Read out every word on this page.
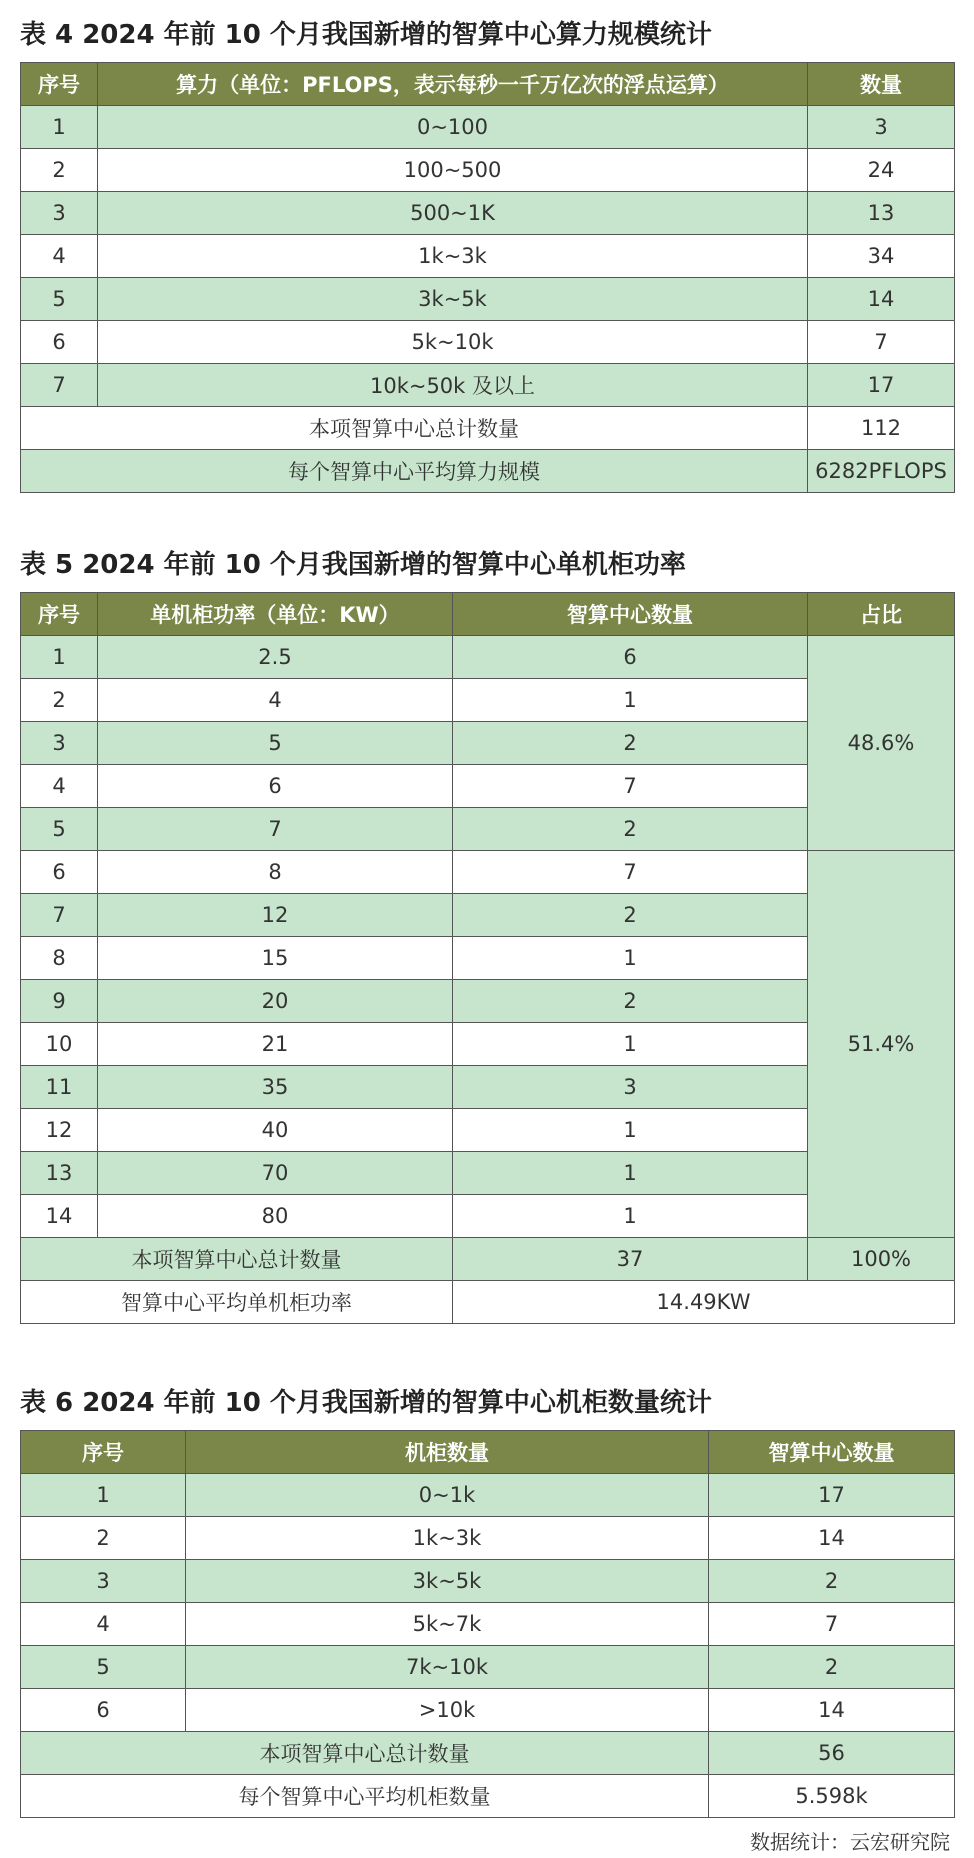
表 4 2024 年前 10 个月我国新增的智算中心算力规模统计
序号	算力（单位：PFLOPS，表示每秒一千万亿次的浮点运算）	数量
1	0~100	3
2	100~500	24
3	500~1K	13
4	1k~3k	34
5	3k~5k	14
6	5k~10k	7
7	10k~50k 及以上	17
本项智算中心总计数量		112
每个智算中心平均算力规模		6282PFLOPS
表 5 2024 年前 10 个月我国新增的智算中心单机柜功率
序号	单机柜功率（单位：KW）	智算中心数量	占比
1	2.5	6	48.6%
2	4	1	
3	5	2	
4	6	7	
5	7	2	
6	8	7	51.4%
7	12	2	
8	15	1	
9	20	2	
10	21	1	
11	35	3	
12	40	1	
13	70	1	
14	80	1	
本项智算中心总计数量		37	100%
智算中心平均单机柜功率		14.49KW	
表 6 2024 年前 10 个月我国新增的智算中心机柜数量统计
序号	机柜数量	智算中心数量
1	0~1k	17
2	1k~3k	14
3	3k~5k	2
4	5k~7k	7
5	7k~10k	2
6	>10k	14
本项智算中心总计数量		56
每个智算中心平均机柜数量		5.598k
数据统计：云宏研究院
